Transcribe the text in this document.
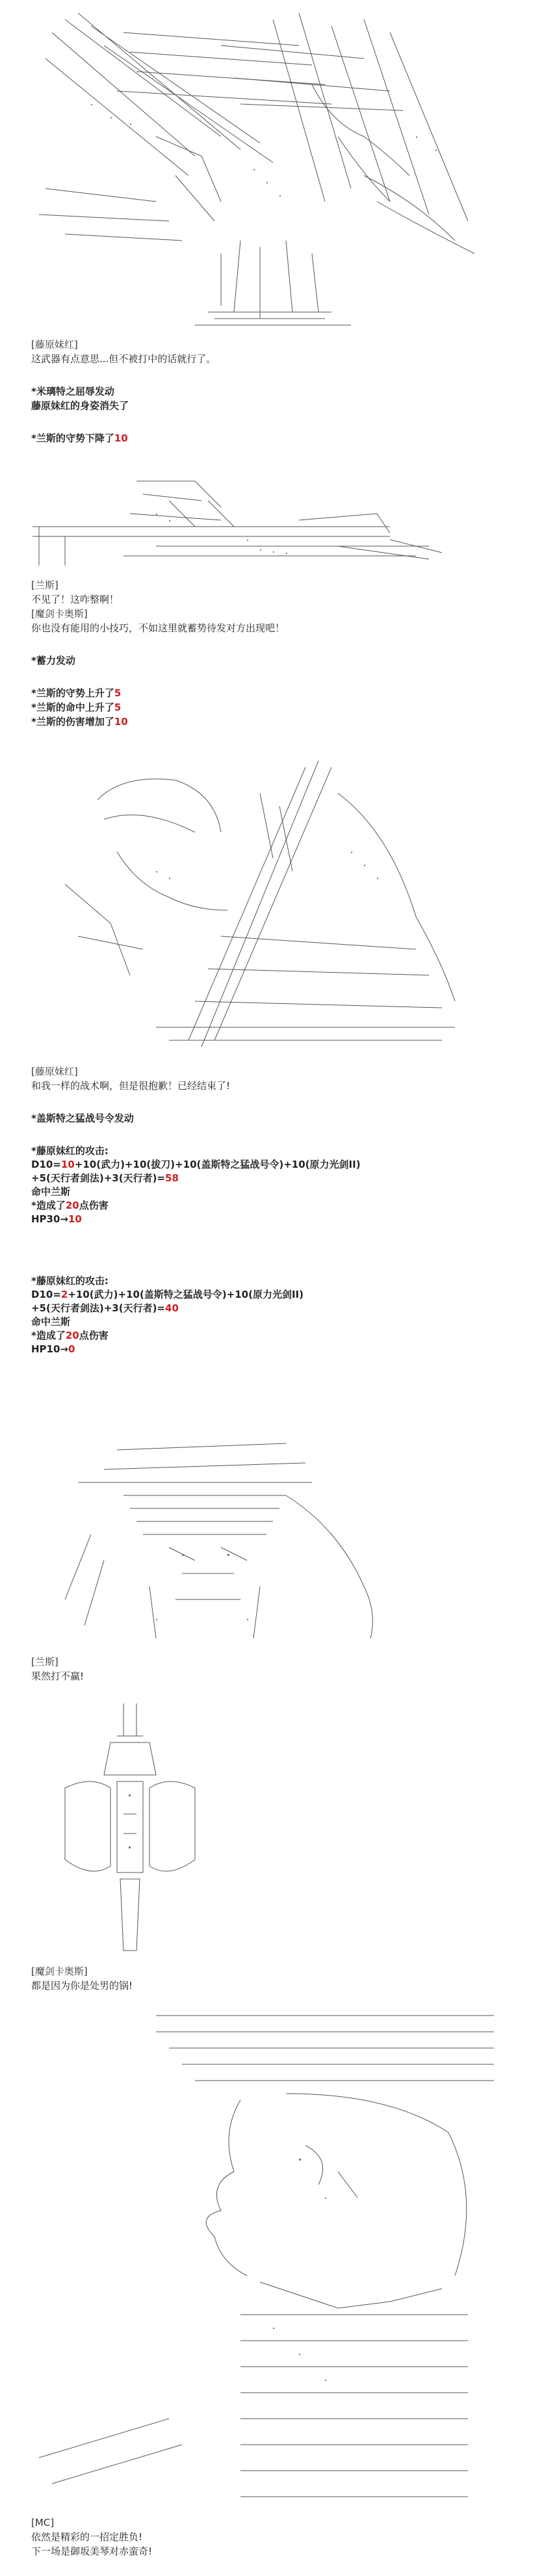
[藤原妹红]
这武器有点意思...但不被打中的话就行了。
*米璃特之屈辱发动
藤原妹红的身姿消失了
*兰斯的守势下降了10
[兰斯]
不见了！这咋整啊！
[魔剑卡奥斯]
你也没有能用的小技巧，不如这里就蓄势待发对方出现吧！
*蓄力发动
*兰斯的守势上升了5
*兰斯的命中上升了5
*兰斯的伤害增加了10
[藤原妹红]
和我一样的战术啊，但是很抱歉！已经结束了!
*盖斯特之猛战号令发动
*藤原妹红的攻击:
D10=10+10(武力)+10(拔刀)+10(盖斯特之猛战号令)+10(原力光剑II)
+5(天行者剑法)+3(天行者)=58
命中兰斯
*造成了20点伤害
HP30→10
*藤原妹红的攻击:
D10=2+10(武力)+10(盖斯特之猛战号令)+10(原力光剑II)
+5(天行者剑法)+3(天行者)=40
命中兰斯
*造成了20点伤害
HP10→0
[兰斯]
果然打不赢!
[魔剑卡奥斯]
都是因为你是处男的锅!
[MC]
依然是精彩的一招定胜负!
下一场是御坂美琴对赤蛮奇!
